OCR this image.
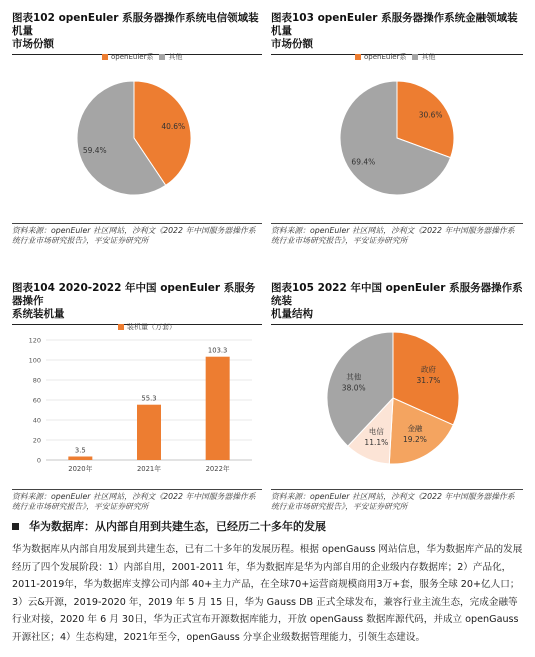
图表102 openEuler 系服务器操作系统电信领域装机量
市场份额
openEuler系 其他
40.6%
59.4%
资料来源：openEuler 社区网站，沙利文《2022 年中国服务器操作系
统行业市场研究报告》，平安证券研究所
图表103 openEuler 系服务器操作系统金融领域装机量
市场份额
openEuler系 其他
30.6%
69.4%
资料来源：openEuler 社区网站，沙利文《2022 年中国服务器操作系
统行业市场研究报告》，平安证券研究所
图表104 2020-2022 年中国 openEuler 系服务器操作
系统装机量
装机量（万套）
0
20
40
60
80
100
120
3.5
2020年
55.3
2021年
103.3
2022年
资料来源：openEuler 社区网站，沙利文《2022 年中国服务器操作系
统行业市场研究报告》，平安证券研究所
图表105 2022 年中国 openEuler 系服务器操作系统装
机量结构
政府
31.7%
金融
19.2%
电信
11.1%
其他
38.0%
资料来源：openEuler 社区网站，沙利文《2022 年中国服务器操作系
统行业市场研究报告》，平安证券研究所
华为数据库：从内部自用到共建生态，已经历二十多年的发展
华为数据库从内部自用发展到共建生态，已有二十多年的发展历程。根据 openGauss 网站信息，华为数据库产品的发展经历了四个发展阶段：1）内部自用，2001-2011 年，华为数据库是华为内部自用的企业级内存数据库；2）产品化，2011-2019年，华为数据库支撑公司内部 40+主力产品，在全球70+运营商规模商用3万+套，服务全球 20+亿人口；3）云&开源，2019-2020 年，2019 年 5 月 15 日，华为 Gauss DB 正式全球发布，兼容行业主流生态，完成金融等行业对接，2020 年 6 月 30日，华为正式宣布开源数据库能力，开放 openGauss 数据库源代码，并成立 openGauss 开源社区；4）生态构建，2021年至今，openGauss 分享企业级数据管理能力，引领生态建设。
